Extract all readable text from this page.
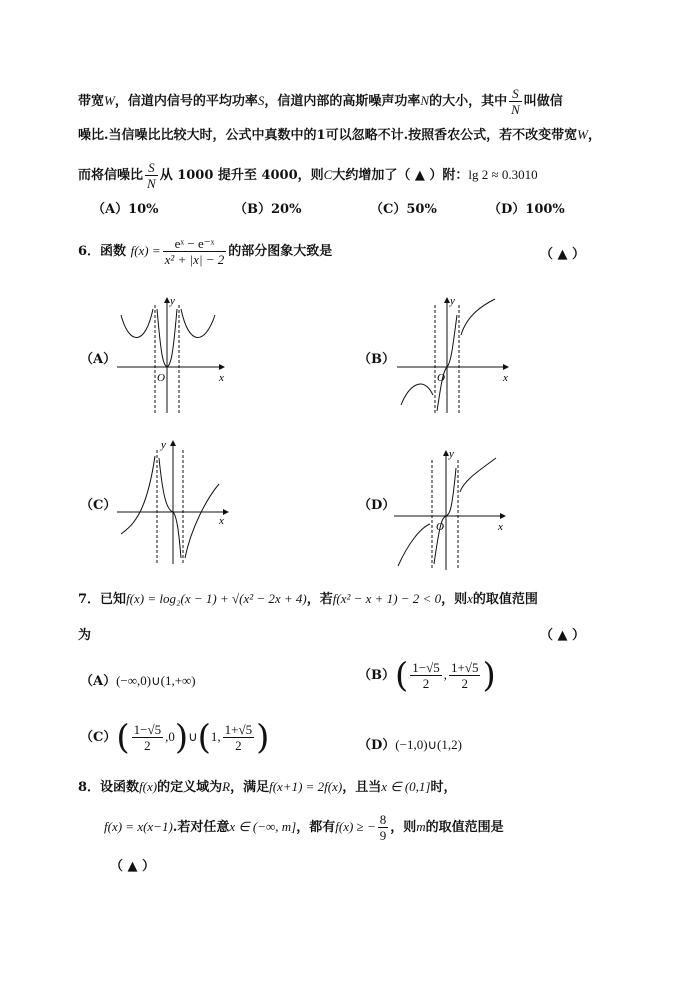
带宽W，信道内信号的平均功率S，信道内部的高斯噪声功率N的大小，其中 $\frac{S}{N}$ 叫做信
噪比.当信噪比比较大时，公式中真数中的1可以忽略不计.按照香农公式，若不改变带宽W，
而将信噪比 $\frac{S}{N}$ 从 1000 提升至 4000，则C大约增加了（ ▲ ）附：lg 2 ≈ 0.3010
（A）10%	（B）20%	（C）50%	（D）100%
6．函数 $f(x) = \frac{\text{eˣ − e⁻ˣ}}{\text{x² + |x| − 2}}$ 的部分图象大致是	（ ▲ ）
（A）
y
x
O
（B）
y
x
O
（C）
y
x
（D）
y
x
O
7．已知f(x) = log₂(x − 1) + √(x² − 2x + 4)，若f(x² − x + 1) − 2 < 0，则x的取值范围
为	（ ▲ ）
（A）(−∞,0)∪(1,+∞)	$(B)( \frac{1-√5}{2}$ , $\frac{1+√5}{2}$ )
$(C)( \frac{1-√5}{2}$ ,0)∪(1, $\frac{1+√5}{2}$ )	（D）(−1,0)∪(1,2)
8．设函数f(x)的定义域为R，满足f(x+1) = 2f(x)，且当x ∈ (0,1]时，
f(x) = x(x−1).若对任意x ∈ (−∞, m]，都有f(x) ≥ − $\frac{8}{9}$ ，则m的取值范围是
（ ▲ ）
